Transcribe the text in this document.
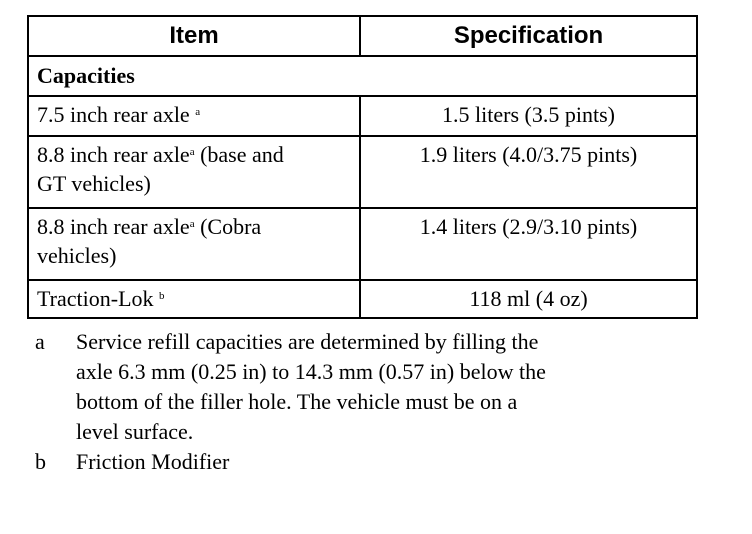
Item	Specification
Capacities	
7.5 inch rear axle $^a$	1.5 liters (3.5 pints)
8.8 inch rear axle$^a$ (base and
GT vehicles)	1.9 liters (4.0/3.75 pints)
8.8 inch rear axle$^a$ (Cobra
vehicles)	1.4 liters (2.9/3.10 pints)
Traction-Lok $^b$	118 ml (4 oz)
a	Service refill capacities are determined by filling the
axle 6.3 mm (0.25 in) to 14.3 mm (0.57 in) below the
bottom of the filler hole. The vehicle must be on a
level surface.
b	Friction Modifier
